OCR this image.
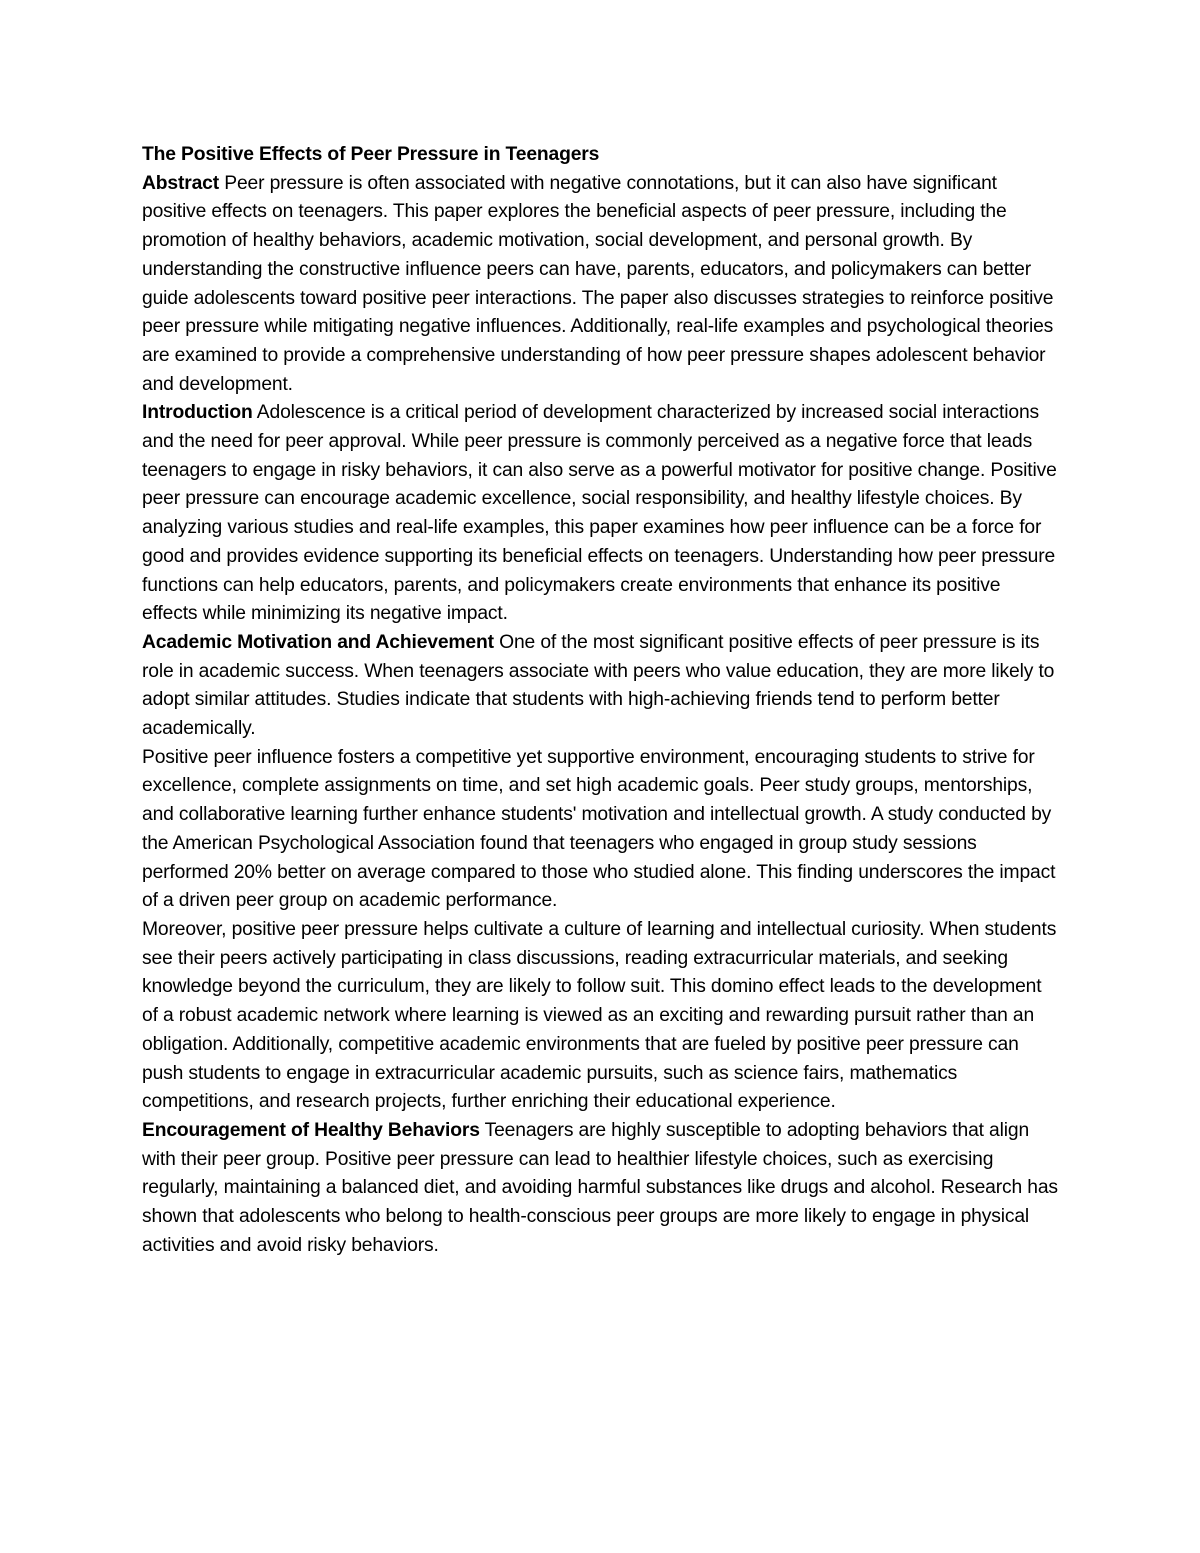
The Positive Effects of Peer Pressure in Teenagers

Abstract Peer pressure is often associated with negative connotations, but it can also have significant positive effects on teenagers. This paper explores the beneficial aspects of peer pressure, including the promotion of healthy behaviors, academic motivation, social development, and personal growth. By understanding the constructive influence peers can have, parents, educators, and policymakers can better guide adolescents toward positive peer interactions. The paper also discusses strategies to reinforce positive peer pressure while mitigating negative influences. Additionally, real-life examples and psychological theories are examined to provide a comprehensive understanding of how peer pressure shapes adolescent behavior and development.

Introduction Adolescence is a critical period of development characterized by increased social interactions and the need for peer approval. While peer pressure is commonly perceived as a negative force that leads teenagers to engage in risky behaviors, it can also serve as a powerful motivator for positive change. Positive peer pressure can encourage academic excellence, social responsibility, and healthy lifestyle choices. By analyzing various studies and real-life examples, this paper examines how peer influence can be a force for good and provides evidence supporting its beneficial effects on teenagers. Understanding how peer pressure functions can help educators, parents, and policymakers create environments that enhance its positive effects while minimizing its negative impact.

Academic Motivation and Achievement One of the most significant positive effects of peer pressure is its role in academic success. When teenagers associate with peers who value education, they are more likely to adopt similar attitudes. Studies indicate that students with high-achieving friends tend to perform better academically.

Positive peer influence fosters a competitive yet supportive environment, encouraging students to strive for excellence, complete assignments on time, and set high academic goals. Peer study groups, mentorships, and collaborative learning further enhance students' motivation and intellectual growth. A study conducted by the American Psychological Association found that teenagers who engaged in group study sessions performed 20% better on average compared to those who studied alone. This finding underscores the impact of a driven peer group on academic performance.

Moreover, positive peer pressure helps cultivate a culture of learning and intellectual curiosity. When students see their peers actively participating in class discussions, reading extracurricular materials, and seeking knowledge beyond the curriculum, they are likely to follow suit. This domino effect leads to the development of a robust academic network where learning is viewed as an exciting and rewarding pursuit rather than an obligation. Additionally, competitive academic environments that are fueled by positive peer pressure can push students to engage in extracurricular academic pursuits, such as science fairs, mathematics competitions, and research projects, further enriching their educational experience.

Encouragement of Healthy Behaviors Teenagers are highly susceptible to adopting behaviors that align with their peer group. Positive peer pressure can lead to healthier lifestyle choices, such as exercising regularly, maintaining a balanced diet, and avoiding harmful substances like drugs and alcohol. Research has shown that adolescents who belong to health-conscious peer groups are more likely to engage in physical activities and avoid risky behaviors.
